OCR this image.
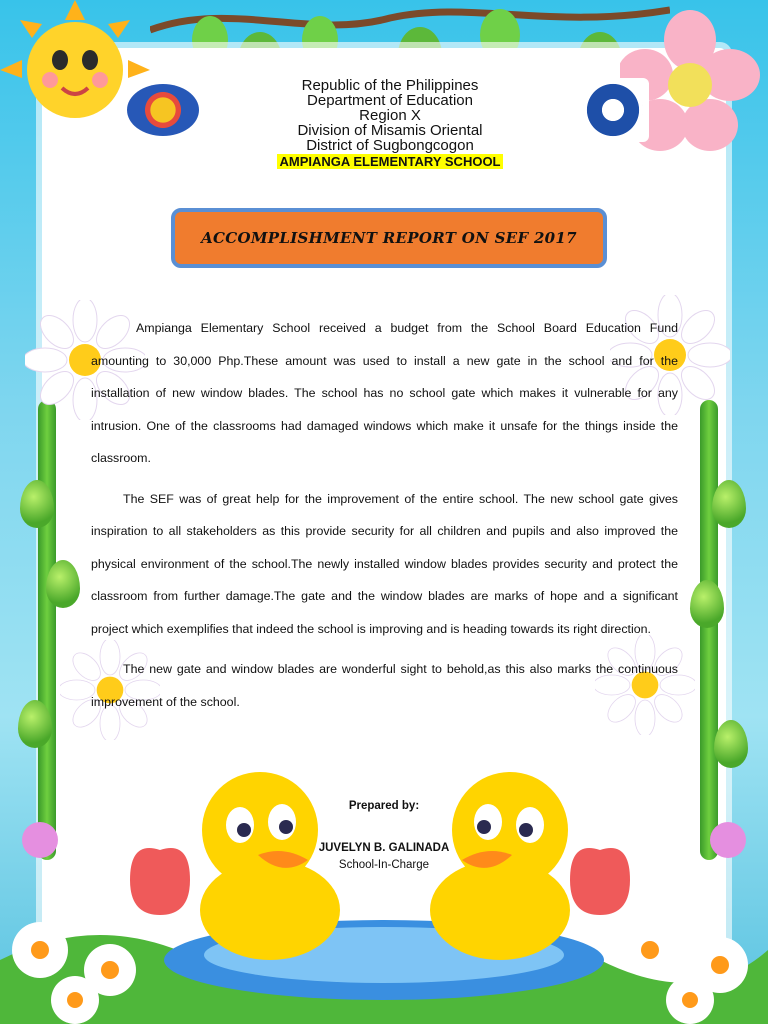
Republic of the Philippines
Department of Education
Region X
Division of Misamis Oriental
District of Sugbongcogon
AMPIANGA ELEMENTARY SCHOOL
ACCOMPLISHMENT REPORT ON SEF 2017

Ampianga Elementary School received a budget from the School Board Education Fund amounting to 30,000 Php.These amount was used to install a new gate in the school and for the installation of new window blades. The school has no school gate which makes it vulnerable for any intrusion. One of the classrooms had damaged windows which make it unsafe for the things inside the classroom.

The SEF was of great help for the improvement of the entire school. The new school gate gives inspiration to all stakeholders as this provide security for all children and pupils and also improved the physical environment of the school.The newly installed window blades provides security and protect the classroom from further damage.The gate and the window blades are marks of hope and a significant project which exemplifies that indeed the school is improving and is heading towards its right direction.

The new gate and window blades are wonderful sight to behold,as this also marks the continuous improvement of the school.

Prepared by:
JUVELYN B. GALINADA
School-In-Charge
